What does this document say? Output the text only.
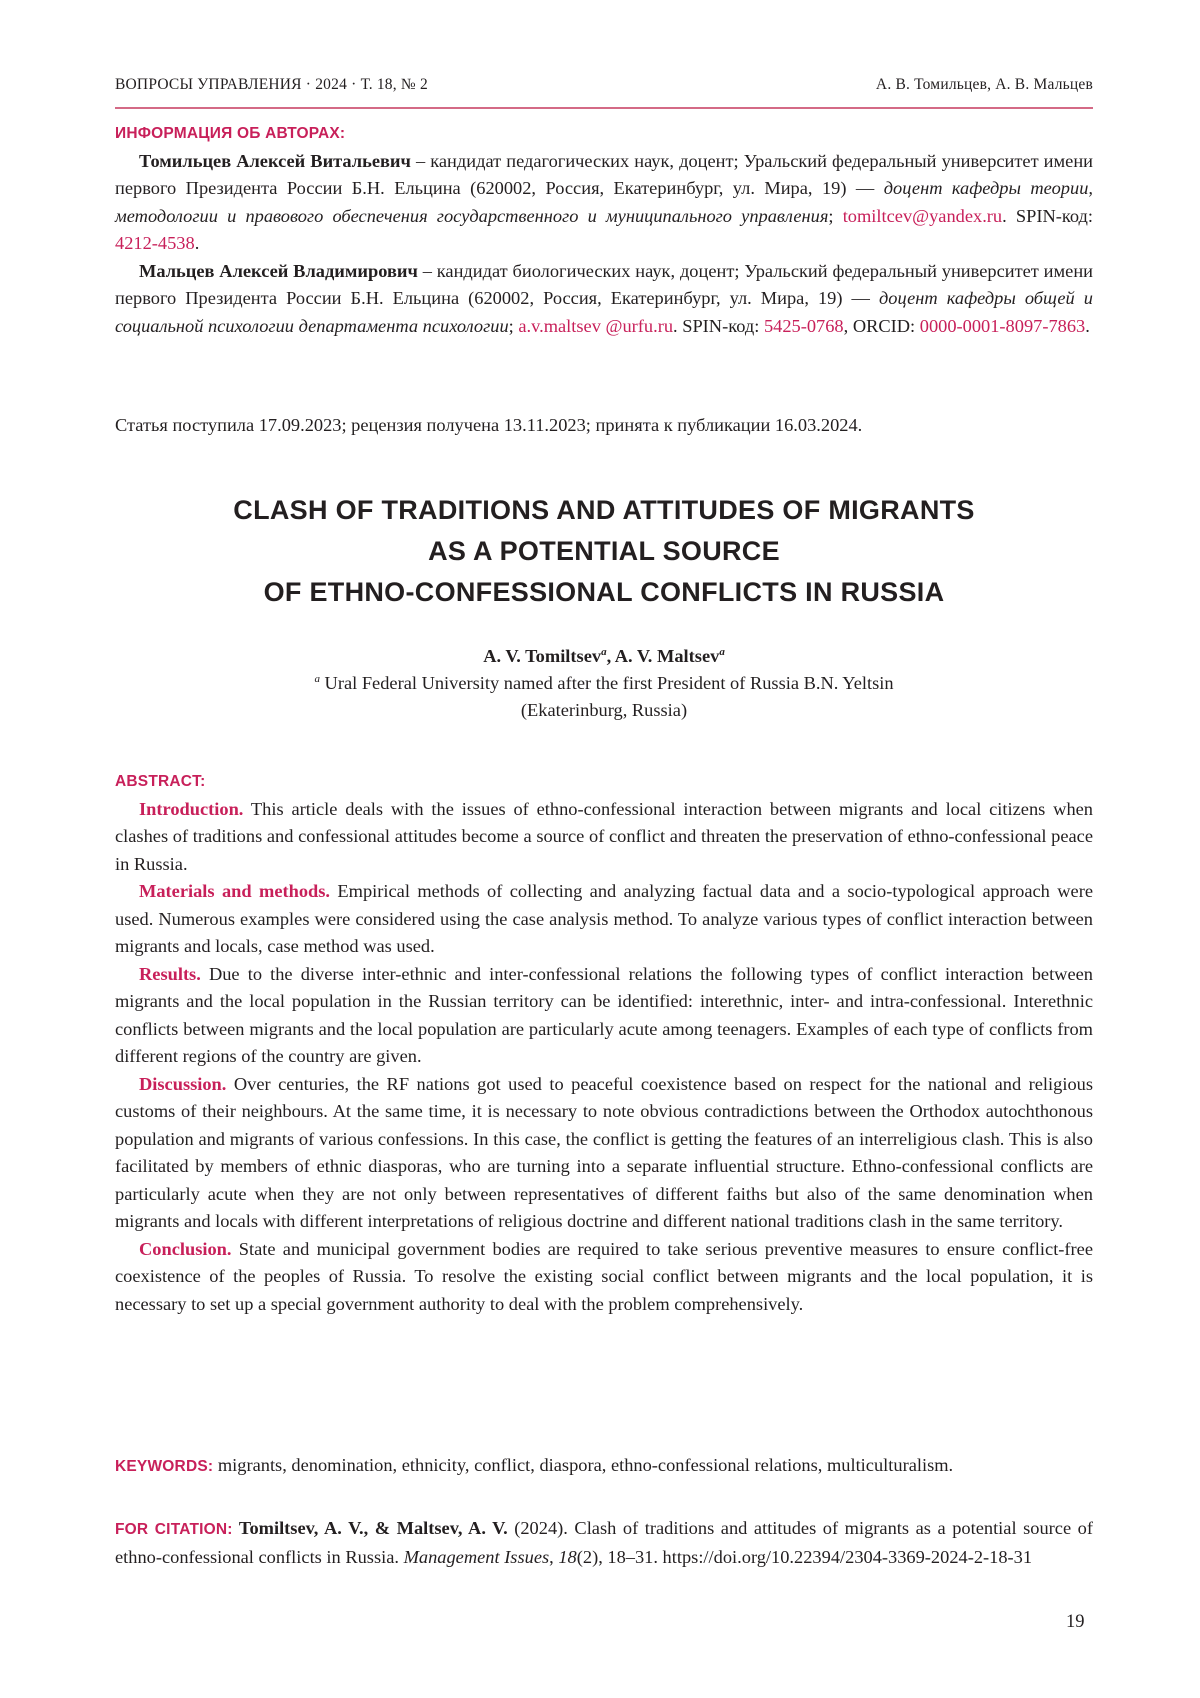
ВОПРОСЫ УПРАВЛЕНИЯ · 2024 · Т. 18, № 2	А. В. Томильцев, А. В. Мальцев
ИНФОРМАЦИЯ ОБ АВТОРАХ:

Томильцев Алексей Витальевич – кандидат педагогических наук, доцент; Уральский федеральный университет имени первого Президента России Б.Н. Ельцина (620002, Россия, Екатеринбург, ул. Мира, 19) — доцент кафедры теории, методологии и правового обеспечения государственного и муниципального управления; tomiltcev@yandex.ru. SPIN-код: 4212-4538.

Мальцев Алексей Владимирович – кандидат биологических наук, доцент; Уральский федеральный университет имени первого Президента России Б.Н. Ельцина (620002, Россия, Екатеринбург, ул. Мира, 19) — доцент кафедры общей и социальной психологии департамента психологии; a.v.maltsev @urfu.ru. SPIN-код: 5425-0768, ORCID: 0000-0001-8097-7863.

Статья поступила 17.09.2023; рецензия получена 13.11.2023; принята к публикации 16.03.2024.
CLASH OF TRADITIONS AND ATTITUDES OF MIGRANTS
AS A POTENTIAL SOURCE
OF ETHNO-CONFESSIONAL CONFLICTS IN RUSSIA
A. V. Tomiltsev$^a$, A. V. Maltsev$^a$
$^a$ Ural Federal University named after the first President of Russia B.N. Yeltsin
(Ekaterinburg, Russia)
ABSTRACT:

Introduction. This article deals with the issues of ethno-confessional interaction between migrants and local citizens when clashes of traditions and confessional attitudes become a source of conflict and threaten the preservation of ethno-confessional peace in Russia.

Materials and methods. Empirical methods of collecting and analyzing factual data and a socio-typological approach were used. Numerous examples were considered using the case analysis method. To analyze various types of conflict interaction between migrants and locals, case method was used.

Results. Due to the diverse inter-ethnic and inter-confessional relations the following types of conflict interaction between migrants and the local population in the Russian territory can be identified: interethnic, inter- and intra-confessional. Interethnic conflicts between migrants and the local population are particularly acute among teenagers. Examples of each type of conflicts from different regions of the country are given.

Discussion. Over centuries, the RF nations got used to peaceful coexistence based on respect for the national and religious customs of their neighbours. At the same time, it is necessary to note obvious contradictions between the Orthodox autochthonous population and migrants of various confessions. In this case, the conflict is getting the features of an interreligious clash. This is also facilitated by members of ethnic diasporas, who are turning into a separate influential structure. Ethno-confessional conflicts are particularly acute when they are not only between representatives of different faiths but also of the same denomination when migrants and locals with different interpretations of religious doctrine and different national traditions clash in the same territory.

Conclusion. State and municipal government bodies are required to take serious preventive measures to ensure conflict-free coexistence of the peoples of Russia. To resolve the existing social conflict between migrants and the local population, it is necessary to set up a special government authority to deal with the problem comprehensively.

KEYWORDS: migrants, denomination, ethnicity, conflict, diaspora, ethno-confessional relations, multiculturalism.
FOR CITATION: Tomiltsev, A. V., & Maltsev, A. V. (2024). Clash of traditions and attitudes of migrants as a potential source of ethno-confessional conflicts in Russia. Management Issues, 18(2), 18–31. https://doi.org/10.22394/2304-3369-2024-2-18-31
19
